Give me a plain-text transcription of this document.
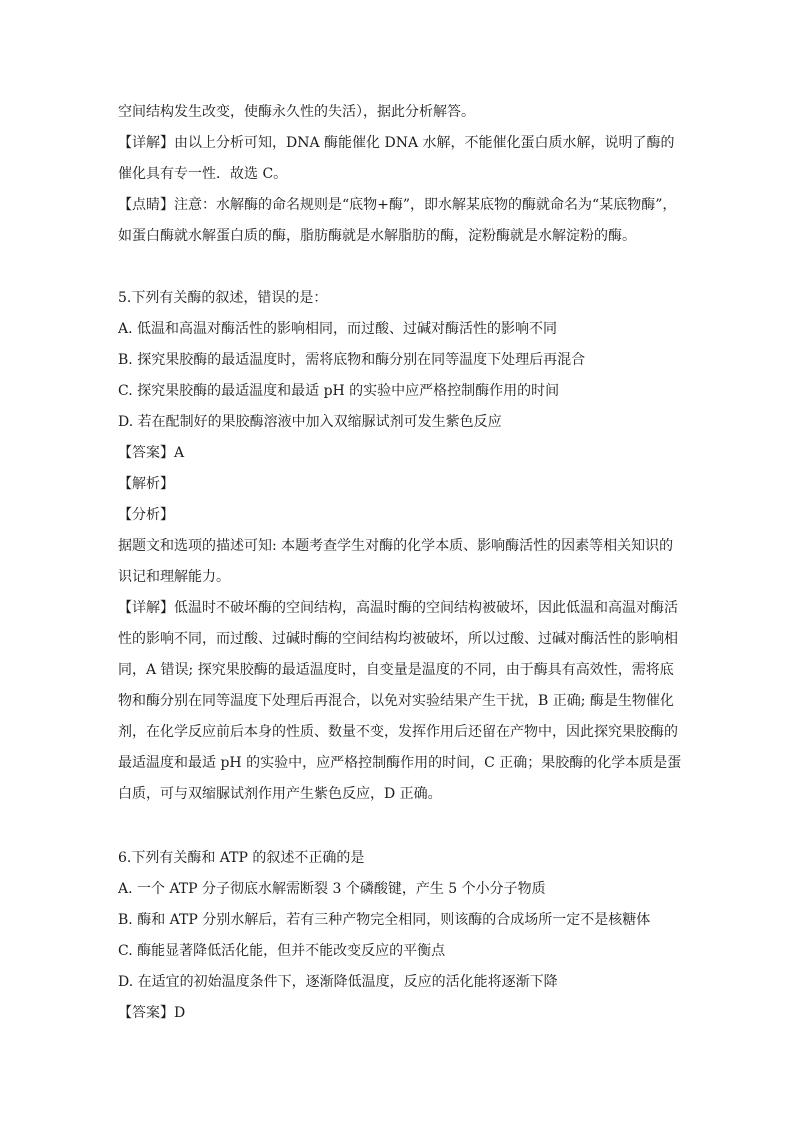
空间结构发生改变，使酶永久性的失活），据此分析解答。
【详解】由以上分析可知，DNA 酶能催化 DNA 水解，不能催化蛋白质水解，说明了酶的
催化具有专一性．故选 C。
【点睛】注意：水解酶的命名规则是“底物+酶”，即水解某底物的酶就命名为“某底物酶”，
如蛋白酶就水解蛋白质的酶，脂肪酶就是水解脂肪的酶，淀粉酶就是水解淀粉的酶。
5.下列有关酶的叙述，错误的是：
A. 低温和高温对酶活性的影响相同，而过酸、过碱对酶活性的影响不同
B. 探究果胶酶的最适温度时，需将底物和酶分别在同等温度下处理后再混合
C. 探究果胶酶的最适温度和最适 pH 的实验中应严格控制酶作用的时间
D. 若在配制好的果胶酶溶液中加入双缩脲试剂可发生紫色反应
【答案】A
【解析】
【分析】
据题文和选项的描述可知: 本题考查学生对酶的化学本质、影响酶活性的因素等相关知识的
识记和理解能力。
【详解】低温时不破坏酶的空间结构，高温时酶的空间结构被破坏，因此低温和高温对酶活
性的影响不同，而过酸、过碱时酶的空间结构均被破坏，所以过酸、过碱对酶活性的影响相
同，A 错误; 探究果胶酶的最适温度时，自变量是温度的不同，由于酶具有高效性，需将底
物和酶分别在同等温度下处理后再混合，以免对实验结果产生干扰，B 正确; 酶是生物催化
剂，在化学反应前后本身的性质、数量不变，发挥作用后还留在产物中，因此探究果胶酶的
最适温度和最适 pH 的实验中，应严格控制酶作用的时间，C 正确；果胶酶的化学本质是蛋
白质，可与双缩脲试剂作用产生紫色反应，D 正确。
6.下列有关酶和 ATP 的叙述不正确的是
A. 一个 ATP 分子彻底水解需断裂 3 个磷酸键，产生 5 个小分子物质
B. 酶和 ATP 分别水解后，若有三种产物完全相同，则该酶的合成场所一定不是核糖体
C. 酶能显著降低活化能，但并不能改变反应的平衡点
D. 在适宜的初始温度条件下，逐渐降低温度，反应的活化能将逐渐下降
【答案】D
